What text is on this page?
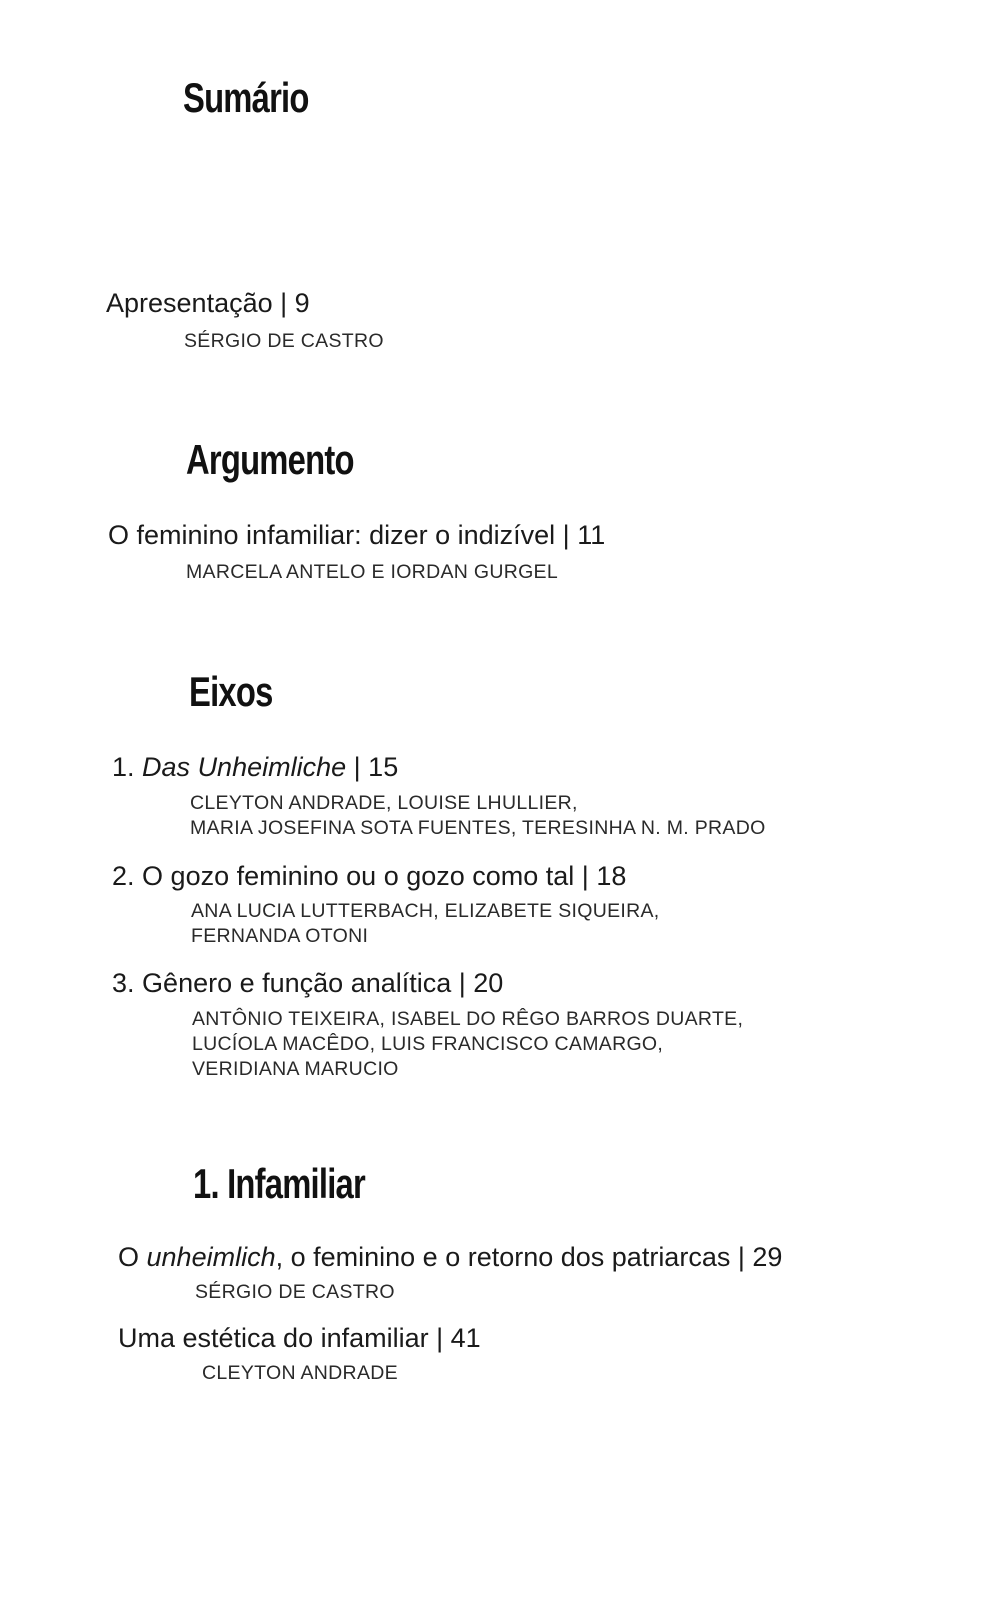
Sumário
Apresentação | 9
SÉRGIO DE CASTRO
Argumento
O feminino infamiliar: dizer o indizível | 11
MARCELA ANTELO E IORDAN GURGEL
Eixos
1. Das Unheimliche | 15
CLEYTON ANDRADE, LOUISE LHULLIER,
MARIA JOSEFINA SOTA FUENTES, TERESINHA N. M. PRADO
2. O gozo feminino ou o gozo como tal | 18
ANA LUCIA LUTTERBACH, ELIZABETE SIQUEIRA,
FERNANDA OTONI
3. Gênero e função analítica | 20
ANTÔNIO TEIXEIRA, ISABEL DO RÊGO BARROS DUARTE,
LUCÍOLA MACÊDO, LUIS FRANCISCO CAMARGO,
VERIDIANA MARUCIO
1. Infamiliar
O unheimlich, o feminino e o retorno dos patriarcas | 29
SÉRGIO DE CASTRO
Uma estética do infamiliar | 41
CLEYTON ANDRADE
